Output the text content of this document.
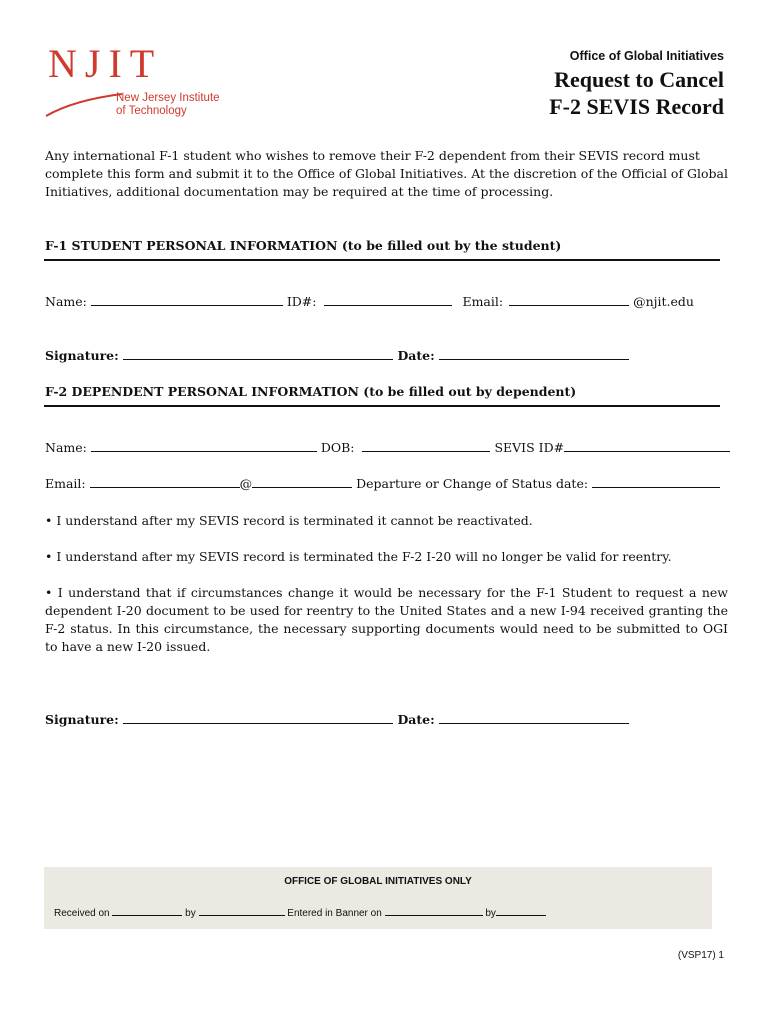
NJIT
New Jersey Institute
of Technology
Office of Global Initiatives
Request to Cancel
F-2 SEVIS Record
Any international F-1 student who wishes to remove their F-2 dependent from their SEVIS record must complete this form and submit it to the Office of Global Initiatives. At the discretion of the Official of Global Initiatives, additional documentation may be required at the time of processing.
F-1 STUDENT PERSONAL INFORMATION (to be filled out by the student)
Name:	ID#:	Email:	@njit.edu
Signature:	Date:
F-2 DEPENDENT PERSONAL INFORMATION (to be filled out by dependent)
Name:	DOB:	SEVIS ID#
Email:	@	Departure or Change of Status date:
• I understand after my SEVIS record is terminated it cannot be reactivated.
• I understand after my SEVIS record is terminated the F-2 I-20 will no longer be valid for reentry.
• I understand that if circumstances change it would be necessary for the F-1 Student to request a new dependent I-20 document to be used for reentry to the United States and a new I-94 received granting the F-2 status. In this circumstance, the necessary supporting documents would need to be submitted to OGI to have a new I-20 issued.
Signature:	Date:
OFFICE OF GLOBAL INITIATIVES ONLY
Received on	by	Entered in Banner on	by
(VSP17) 1
